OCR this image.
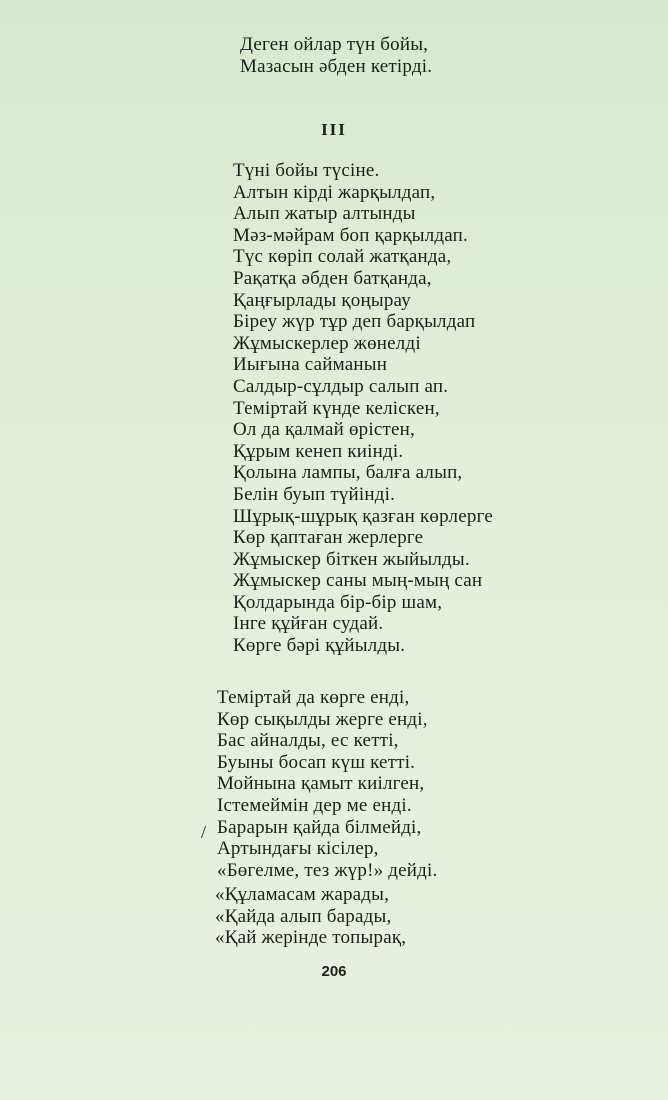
Деген ойлар түн бойы,
Мазасын әбден кетірді.
III
Түні бойы түсіне.
Алтын кірді жарқылдап,
Алып жатыр алтынды
Мәз-мәйрам боп қарқылдап.
Түс көріп солай жатқанда,
Рақатқа әбден батқанда,
Қаңғырлады қоңырау
Біреу жүр тұр деп барқылдап
Жұмыскерлер жөнелді
Иығына сайманын
Салдыр-сұлдыр салып ап.
Теміртай күнде келіскен,
Ол да қалмай өрістен,
Құрым кенеп киінді.
Қолына лампы, балға алып,
Белін буып түйінді.
Шұрық-шұрық қазған көрлерге
Көр қаптаған жерлерге
Жұмыскер біткен жыйылды.
Жұмыскер саны мың-мың сан
Қолдарында бір-бір шам,
Інге құйған судай.
Көрге бәрі құйылды.
Теміртай да көрге енді,
Көр сықылды жерге енді,
Бас айналды, ес кетті,
Буыны босап күш кетті.
Мойнына қамыт киілген,
Істемеймін дер ме енді.
Барарын қайда білмейді,
Артындағы кісілер,
«Бөгелме, тез жүр!» дейді.
/
«Құламасам жарады,
«Қайда алып барады,
«Қай жерінде топырақ,
206
